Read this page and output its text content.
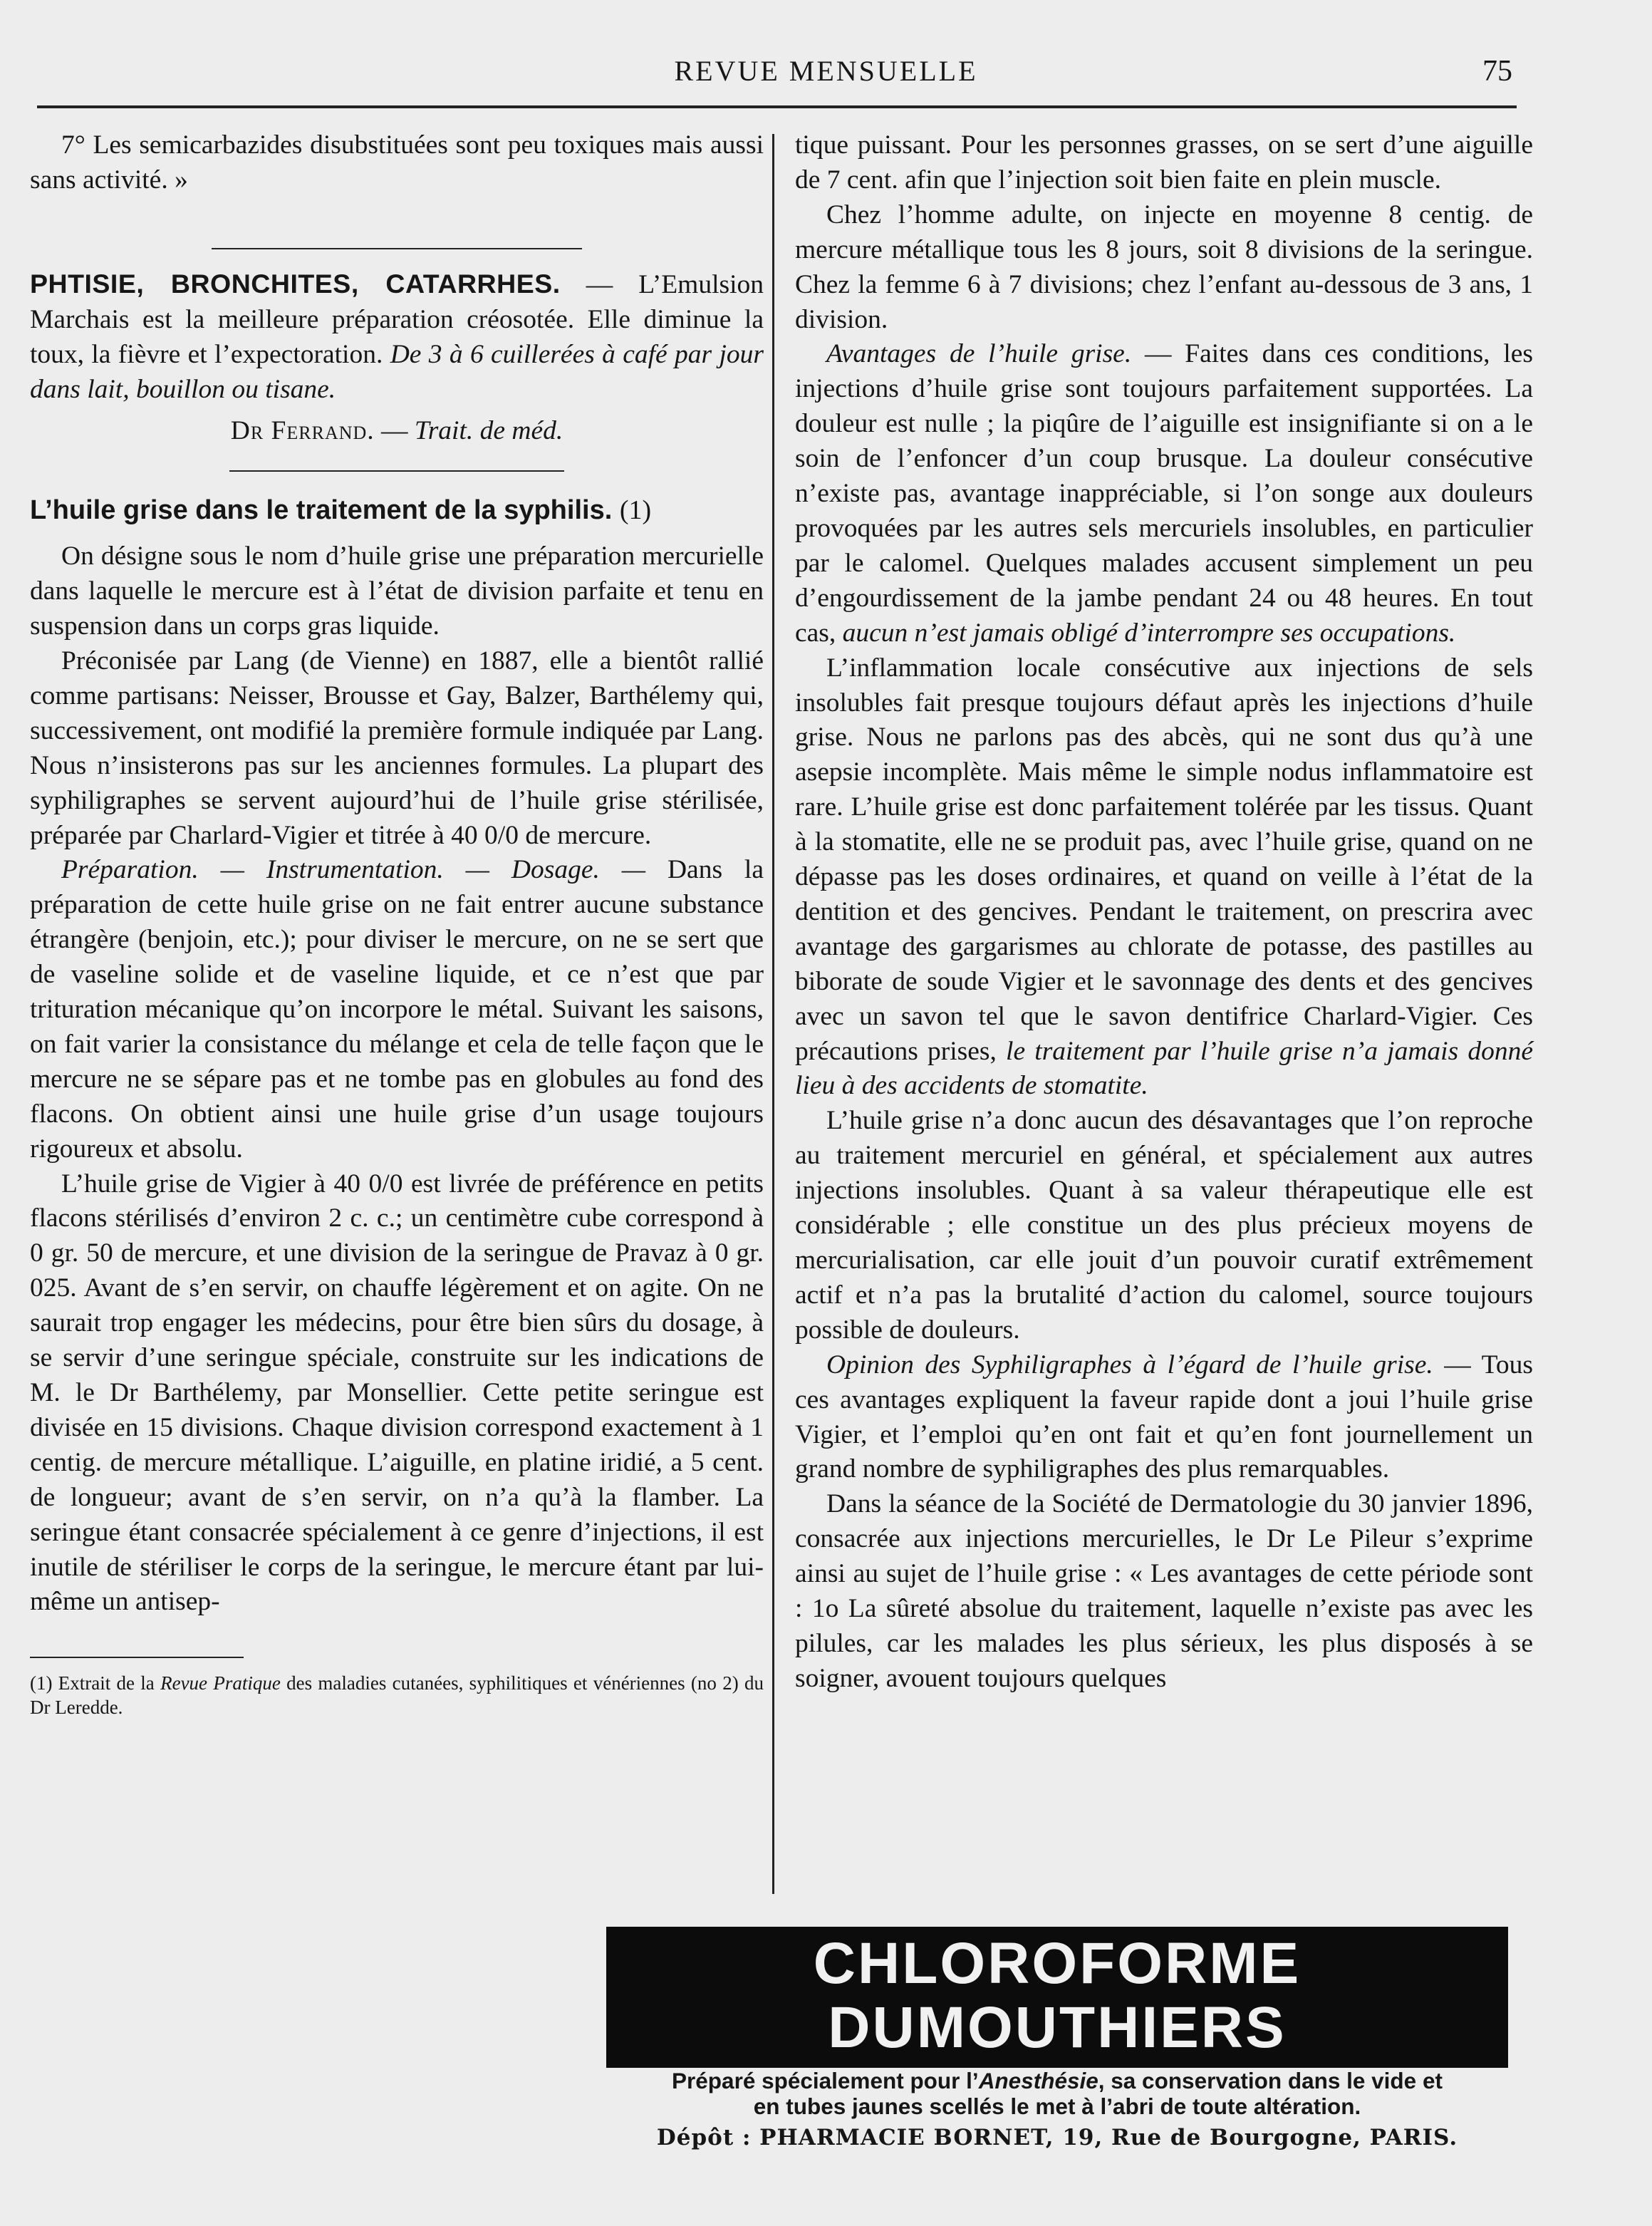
REVUE MENSUELLE	75

7° Les semicarbazides disubstituées sont peu toxiques mais aussi sans activité. »

PHTISIE, BRONCHITES, CATARRHES. — L’Emulsion Marchais est la meilleure préparation créosotée. Elle diminue la toux, la fièvre et l’expectoration. De 3 à 6 cuillerées à café par jour dans lait, bouillon ou tisane.

Dr Ferrand. — Trait. de méd.

L’huile grise dans le traitement de la syphilis. (1)

On désigne sous le nom d’huile grise une préparation mercurielle dans laquelle le mercure est à l’état de division parfaite et tenu en suspension dans un corps gras liquide.

Préconisée par Lang (de Vienne) en 1887, elle a bientôt rallié comme partisans: Neisser, Brousse et Gay, Balzer, Barthélemy qui, successivement, ont modifié la première formule indiquée par Lang. Nous n’insisterons pas sur les anciennes formules. La plupart des syphiligraphes se servent aujourd’hui de l’huile grise stérilisée, préparée par Charlard-Vigier et titrée à 40 0/0 de mercure.

Préparation. — Instrumentation. — Dosage. — Dans la préparation de cette huile grise on ne fait entrer aucune substance étrangère (benjoin, etc.); pour diviser le mercure, on ne se sert que de vaseline solide et de vaseline liquide, et ce n’est que par trituration mécanique qu’on incorpore le métal. Suivant les saisons, on fait varier la consistance du mélange et cela de telle façon que le mercure ne se sépare pas et ne tombe pas en globules au fond des flacons. On obtient ainsi une huile grise d’un usage toujours rigoureux et absolu.

L’huile grise de Vigier à 40 0/0 est livrée de préférence en petits flacons stérilisés d’environ 2 c. c.; un centimètre cube correspond à 0 gr. 50 de mercure, et une division de la seringue de Pravaz à 0 gr. 025. Avant de s’en servir, on chauffe légèrement et on agite. On ne saurait trop engager les médecins, pour être bien sûrs du dosage, à se servir d’une seringue spéciale, construite sur les indications de M. le Dr Barthélemy, par Monsellier. Cette petite seringue est divisée en 15 divisions. Chaque division correspond exactement à 1 centig. de mercure métallique. L’aiguille, en platine iridié, a 5 cent. de longueur; avant de s’en servir, on n’a qu’à la flamber. La seringue étant consacrée spécialement à ce genre d’injections, il est inutile de stériliser le corps de la seringue, le mercure étant par lui-même un antisep-

(1) Extrait de la Revue Pratique des maladies cutanées, syphilitiques et vénériennes (no 2) du Dr Leredde.

tique puissant. Pour les personnes grasses, on se sert d’une aiguille de 7 cent. afin que l’injection soit bien faite en plein muscle.

Chez l’homme adulte, on injecte en moyenne 8 centig. de mercure métallique tous les 8 jours, soit 8 divisions de la seringue. Chez la femme 6 à 7 divisions; chez l’enfant au-dessous de 3 ans, 1 division.

Avantages de l’huile grise. — Faites dans ces conditions, les injections d’huile grise sont toujours parfaitement supportées. La douleur est nulle ; la piqûre de l’aiguille est insignifiante si on a le soin de l’enfoncer d’un coup brusque. La douleur consécutive n’existe pas, avantage inappréciable, si l’on songe aux douleurs provoquées par les autres sels mercuriels insolubles, en particulier par le calomel. Quelques malades accusent simplement un peu d’engourdissement de la jambe pendant 24 ou 48 heures. En tout cas, aucun n’est jamais obligé d’interrompre ses occupations.

L’inflammation locale consécutive aux injections de sels insolubles fait presque toujours défaut après les injections d’huile grise. Nous ne parlons pas des abcès, qui ne sont dus qu’à une asepsie incomplète. Mais même le simple nodus inflammatoire est rare. L’huile grise est donc parfaitement tolérée par les tissus. Quant à la stomatite, elle ne se produit pas, avec l’huile grise, quand on ne dépasse pas les doses ordinaires, et quand on veille à l’état de la dentition et des gencives. Pendant le traitement, on prescrira avec avantage des gargarismes au chlorate de potasse, des pastilles au biborate de soude Vigier et le savonnage des dents et des gencives avec un savon tel que le savon dentifrice Charlard-Vigier. Ces précautions prises, le traitement par l’huile grise n’a jamais donné lieu à des accidents de stomatite.

L’huile grise n’a donc aucun des désavantages que l’on reproche au traitement mercuriel en général, et spécialement aux autres injections insolubles. Quant à sa valeur thérapeutique elle est considérable ; elle constitue un des plus précieux moyens de mercurialisation, car elle jouit d’un pouvoir curatif extrêmement actif et n’a pas la brutalité d’action du calomel, source toujours possible de douleurs.

Opinion des Syphiligraphes à l’égard de l’huile grise. — Tous ces avantages expliquent la faveur rapide dont a joui l’huile grise Vigier, et l’emploi qu’en ont fait et qu’en font journellement un grand nombre de syphiligraphes des plus remarquables.

Dans la séance de la Société de Dermatologie du 30 janvier 1896, consacrée aux injections mercurielles, le Dr Le Pileur s’exprime ainsi au sujet de l’huile grise : « Les avantages de cette période sont : 1o La sûreté absolue du traitement, laquelle n’existe pas avec les pilules, car les malades les plus sérieux, les plus disposés à se soigner, avouent toujours quelques

CHLOROFORME DUMOUTHIERS
Préparé spécialement pour l’Anesthésie, sa conservation dans le vide et
en tubes jaunes scellés le met à l’abri de toute altération.
Dépôt : PHARMACIE BORNET, 19, Rue de Bourgogne, PARIS.
